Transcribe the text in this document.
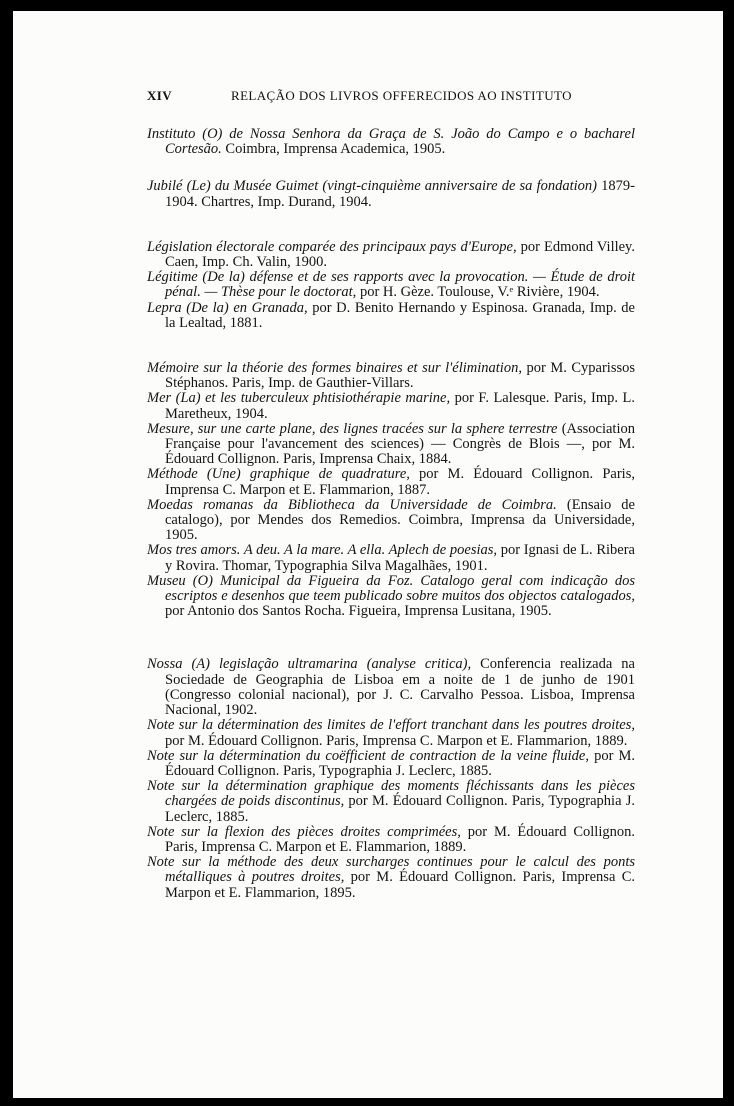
XIV	RELAÇÃO DOS LIVROS OFFERECIDOS AO INSTITUTO

Instituto (O) de Nossa Senhora da Graça de S. João do Campo e o bacharel Cortesão. Coimbra, Imprensa Academica, 1905.

Jubilé (Le) du Musée Guimet (vingt-cinquième anniversaire de sa fondation) 1879-1904. Chartres, Imp. Durand, 1904.

Législation électorale comparée des principaux pays d'Europe, por Edmond Villey. Caen, Imp. Ch. Valin, 1900.

Légitime (De la) défense et de ses rapports avec la provocation. — Étude de droit pénal. — Thèse pour le doctorat, por H. Gèze. Toulouse, V.ᵉ Rivière, 1904.

Lepra (De la) en Granada, por D. Benito Hernando y Espinosa. Granada, Imp. de la Lealtad, 1881.

Mémoire sur la théorie des formes binaires et sur l'élimination, por M. Cyparissos Stéphanos. Paris, Imp. de Gauthier-Villars.

Mer (La) et les tuberculeux phtisiothérapie marine, por F. Lalesque. Paris, Imp. L. Maretheux, 1904.

Mesure, sur une carte plane, des lignes tracées sur la sphere terrestre (Association Française pour l'avancement des sciences) — Congrès de Blois —, por M. Édouard Collignon. Paris, Imprensa Chaix, 1884.

Méthode (Une) graphique de quadrature, por M. Édouard Collignon. Paris, Imprensa C. Marpon et E. Flammarion, 1887.

Moedas romanas da Bibliotheca da Universidade de Coimbra. (Ensaio de catalogo), por Mendes dos Remedios. Coimbra, Imprensa da Universidade, 1905.

Mos tres amors. A deu. A la mare. A ella. Aplech de poesias, por Ignasi de L. Ribera y Rovira. Thomar, Typographia Silva Magalhães, 1901.

Museu (O) Municipal da Figueira da Foz. Catalogo geral com indicação dos escriptos e desenhos que teem publicado sobre muitos dos objectos catalogados, por Antonio dos Santos Rocha. Figueira, Imprensa Lusitana, 1905.

Nossa (A) legislação ultramarina (analyse critica), Conferencia realizada na Sociedade de Geographia de Lisboa em a noite de 1 de junho de 1901 (Congresso colonial nacional), por J. C. Carvalho Pessoa. Lisboa, Imprensa Nacional, 1902.

Note sur la détermination des limites de l'effort tranchant dans les poutres droites, por M. Édouard Collignon. Paris, Imprensa C. Marpon et E. Flammarion, 1889.

Note sur la détermination du coëfficient de contraction de la veine fluide, por M. Édouard Collignon. Paris, Typographia J. Leclerc, 1885.

Note sur la détermination graphique des moments fléchissants dans les pièces chargées de poids discontinus, por M. Édouard Collignon. Paris, Typographia J. Leclerc, 1885.

Note sur la flexion des pièces droites comprimées, por M. Édouard Collignon. Paris, Imprensa C. Marpon et E. Flammarion, 1889.

Note sur la méthode des deux surcharges continues pour le calcul des ponts métalliques à poutres droites, por M. Édouard Collignon. Paris, Imprensa C. Marpon et E. Flammarion, 1895.
